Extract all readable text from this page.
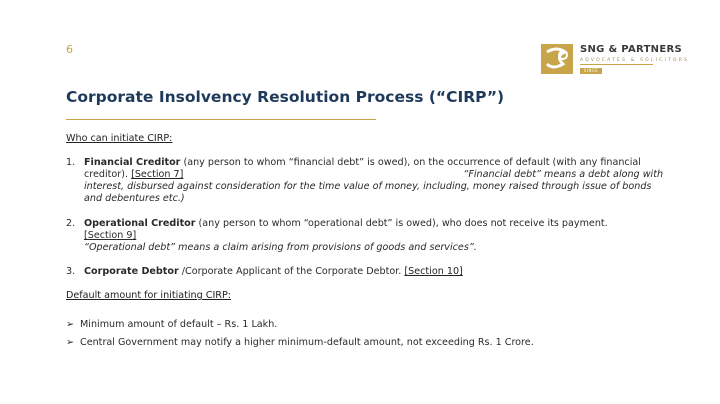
6	SNG & PARTNERS
ADVOCATES & SOLICITORS
SINCE 1987
Corporate Insolvency Resolution Process (“CIRP”)
Who can initiate CIRP:
1. Financial Creditor (any person to whom “financial debt” is owed), on the occurrence of default (with any financial creditor). [Section 7]	“Financial debt” means a debt along with interest, disbursed against consideration for the time value of money, including, money raised through issue of bonds and debentures etc.)
2. Operational Creditor (any person to whom “operational debt” is owed), who does not receive its payment.
[Section 9]
“Operational debt” means a claim arising from provisions of goods and services”.
3. Corporate Debtor /Corporate Applicant of the Corporate Debtor. [Section 10]
Default amount for initiating CIRP:
➢ Minimum amount of default – Rs. 1 Lakh.
➢ Central Government may notify a higher minimum-default amount, not exceeding Rs. 1 Crore.
